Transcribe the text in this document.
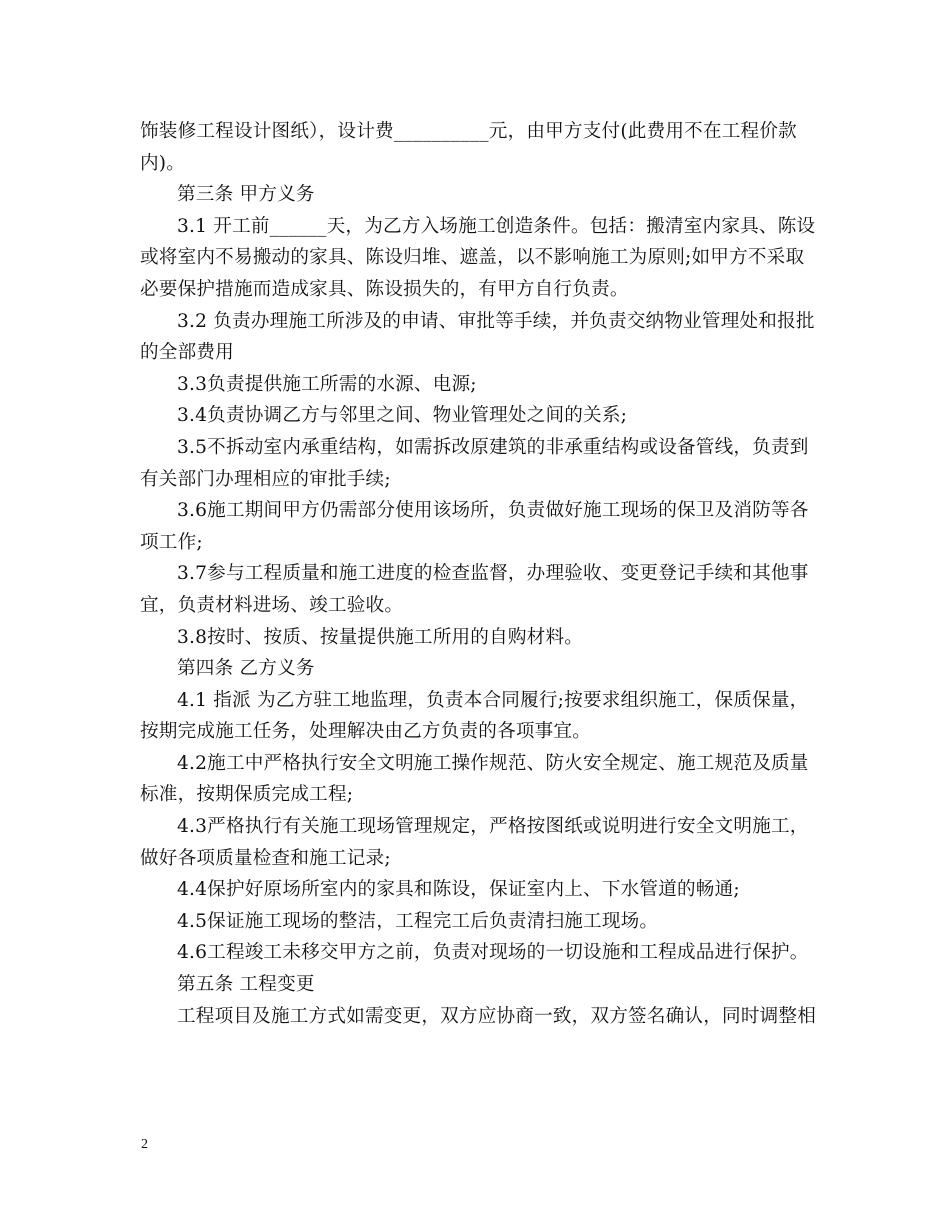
饰装修工程设计图纸），设计费__________元，由甲方支付(此费用不在工程价款
内)。
第三条 甲方义务
3.1 开工前______天，为乙方入场施工创造条件。包括：搬清室内家具、陈设
或将室内不易搬动的家具、陈设归堆、遮盖，以不影响施工为原则;如甲方不采取
必要保护措施而造成家具、陈设损失的，有甲方自行负责。
3.2 负责办理施工所涉及的申请、审批等手续，并负责交纳物业管理处和报批
的全部费用
3.3负责提供施工所需的水源、电源;
3.4负责协调乙方与邻里之间、物业管理处之间的关系;
3.5不拆动室内承重结构，如需拆改原建筑的非承重结构或设备管线，负责到
有关部门办理相应的审批手续;
3.6施工期间甲方仍需部分使用该场所，负责做好施工现场的保卫及消防等各
项工作;
3.7参与工程质量和施工进度的检查监督，办理验收、变更登记手续和其他事
宜，负责材料进场、竣工验收。
3.8按时、按质、按量提供施工所用的自购材料。
第四条 乙方义务
4.1 指派 为乙方驻工地监理，负责本合同履行;按要求组织施工，保质保量，
按期完成施工任务，处理解决由乙方负责的各项事宜。
4.2施工中严格执行安全文明施工操作规范、防火安全规定、施工规范及质量
标准，按期保质完成工程;
4.3严格执行有关施工现场管理规定，严格按图纸或说明进行安全文明施工，
做好各项质量检查和施工记录;
4.4保护好原场所室内的家具和陈设，保证室内上、下水管道的畅通;
4.5保证施工现场的整洁，工程完工后负责清扫施工现场。
4.6工程竣工未移交甲方之前，负责对现场的一切设施和工程成品进行保护。
第五条 工程变更
工程项目及施工方式如需变更，双方应协商一致，双方签名确认，同时调整相
2
